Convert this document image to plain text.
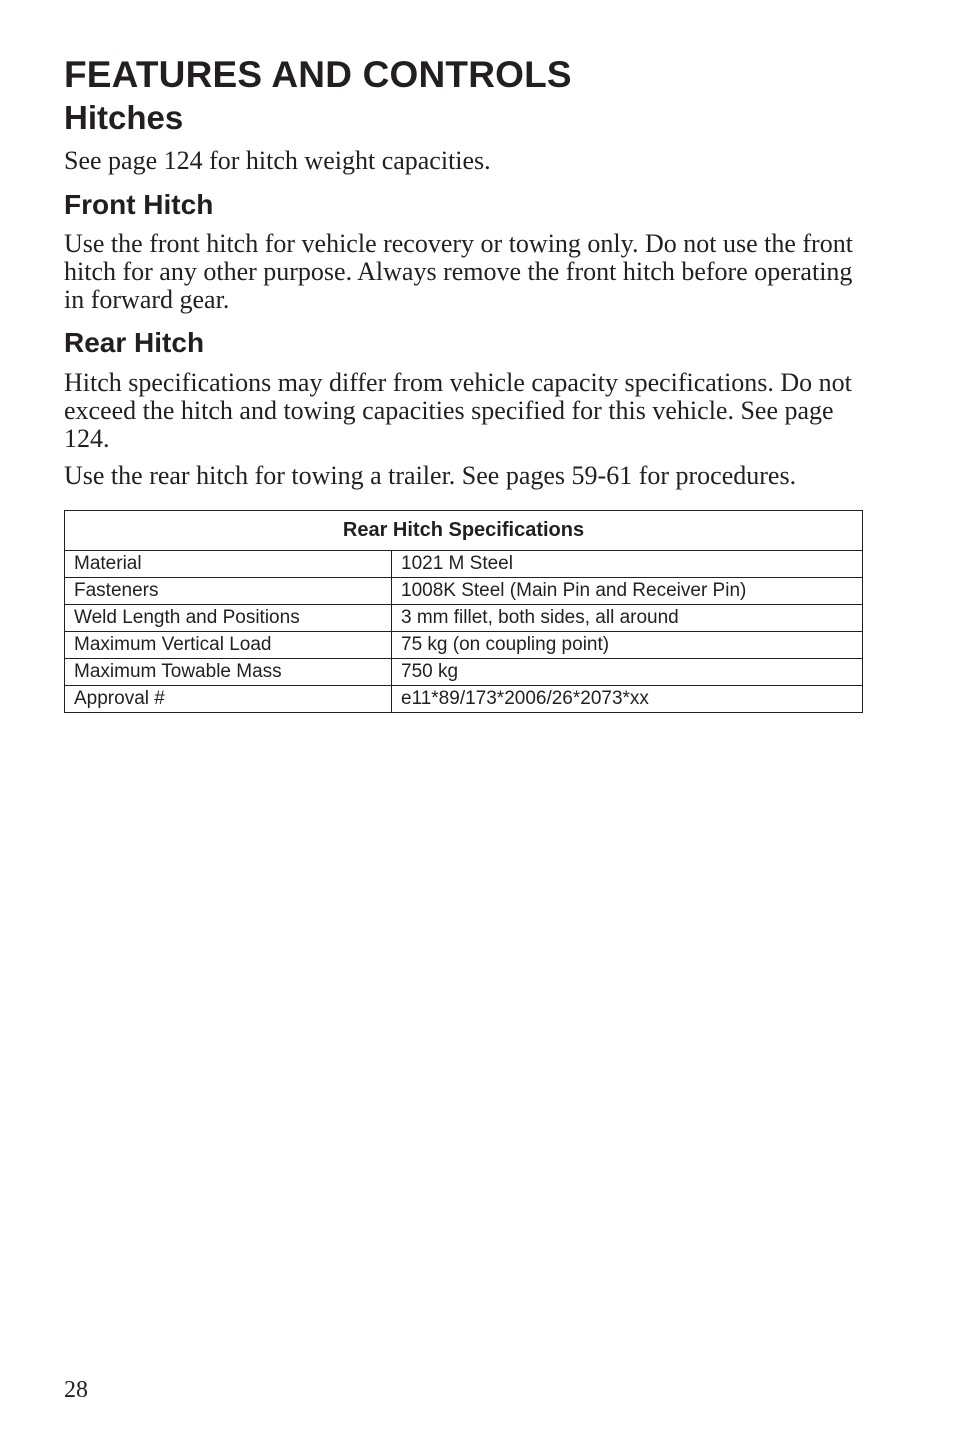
FEATURES AND CONTROLS
Hitches

See page 124 for hitch weight capacities.

Front Hitch

Use the front hitch for vehicle recovery or towing only. Do not use the front hitch for any other purpose. Always remove the front hitch before operating in forward gear.

Rear Hitch

Hitch specifications may differ from vehicle capacity specifications. Do not exceed the hitch and towing capacities specified for this vehicle. See page 124.

Use the rear hitch for towing a trailer. See pages 59-61 for procedures.

Rear Hitch Specifications	
Material	1021 M Steel
Fasteners	1008K Steel (Main Pin and Receiver Pin)
Weld Length and Positions	3 mm fillet, both sides, all around
Maximum Vertical Load	75 kg (on coupling point)
Maximum Towable Mass	750 kg
Approval #	e11*89/173*2006/26*2073*xx

28
